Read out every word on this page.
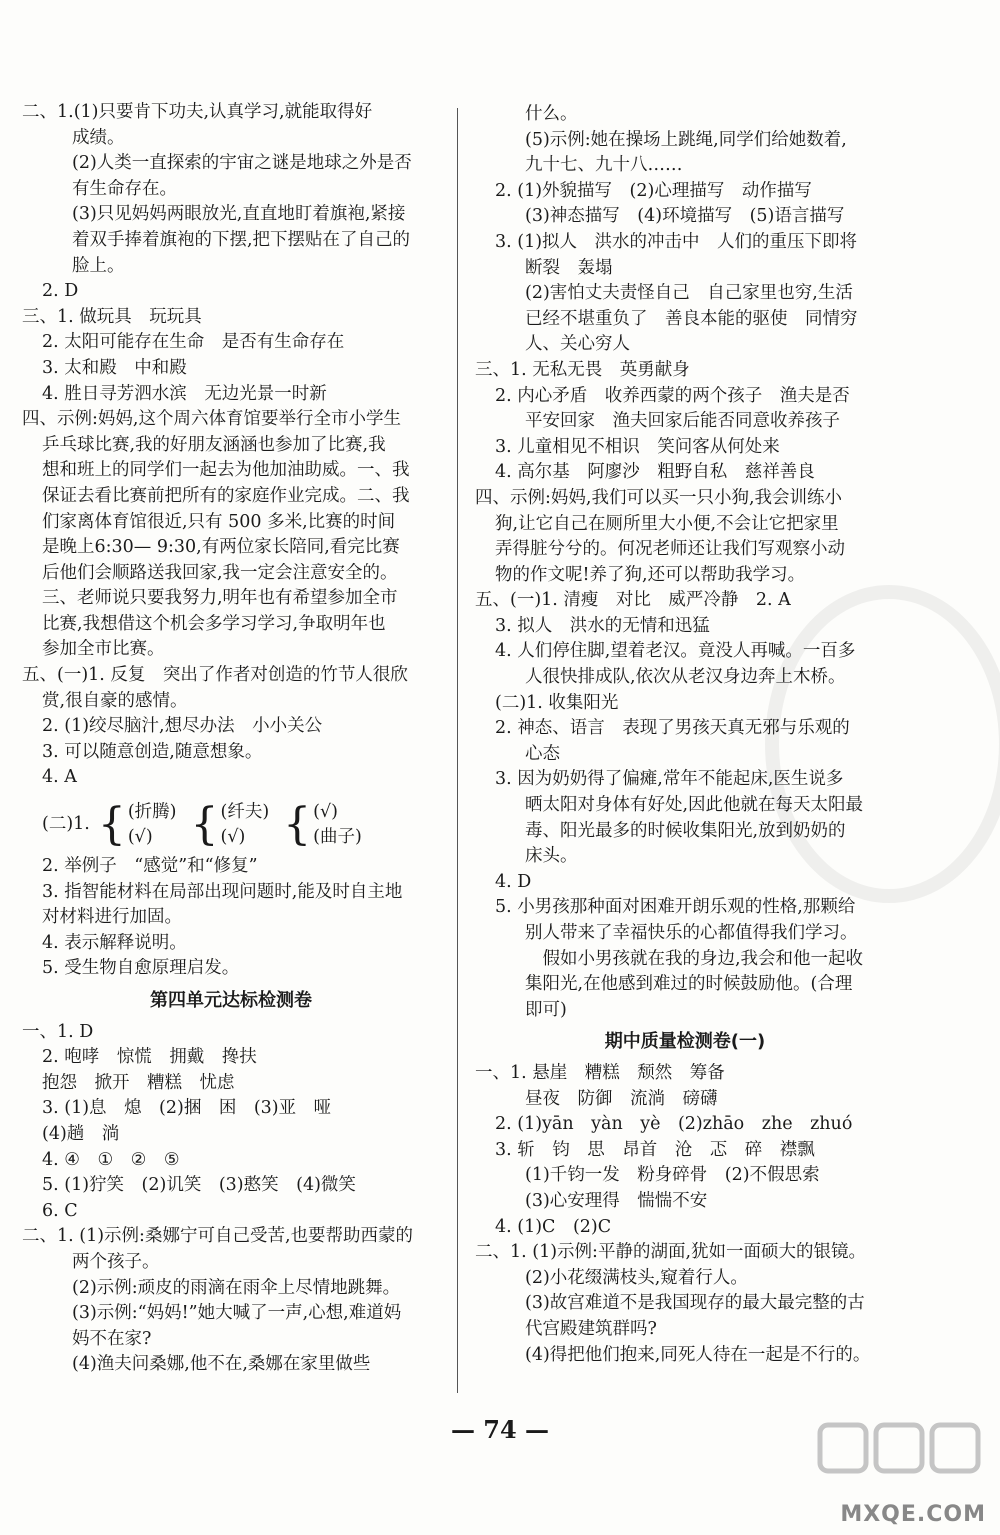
二、1.(1)只要肯下功夫,认真学习,就能取得好
成绩。
(2)人类一直探索的宇宙之谜是地球之外是否
有生命存在。
(3)只见妈妈两眼放光,直直地盯着旗袍,紧接
着双手捧着旗袍的下摆,把下摆贴在了自己的
脸上。
2. D
三、1. 做玩具　玩玩具
2. 太阳可能存在生命　是否有生命存在
3. 太和殿　中和殿
4. 胜日寻芳泗水滨　无边光景一时新
四、示例:妈妈,这个周六体育馆要举行全市小学生
乒乓球比赛,我的好朋友涵涵也参加了比赛,我
想和班上的同学们一起去为他加油助威。一、我
保证去看比赛前把所有的家庭作业完成。二、我
们家离体育馆很近,只有 500 多米,比赛的时间
是晚上6:30— 9:30,有两位家长陪同,看完比赛
后他们会顺路送我回家,我一定会注意安全的。
三、老师说只要我努力,明年也有希望参加全市
比赛,我想借这个机会多学习学习,争取明年也
参加全市比赛。
五、(一)1. 反复　突出了作者对创造的竹节人很欣
赏,很自豪的感情。
2. (1)绞尽脑汁,想尽办法　小小关公
3. 可以随意创造,随意想象。
4. A
(二)1. { (折腾)
(√) { (纤夫)
(√) { (√)
(曲子)
2. 举例子　“感觉”和“修复”
3. 指智能材料在局部出现问题时,能及时自主地
对材料进行加固。
4. 表示解释说明。
5. 受生物自愈原理启发。
第四单元达标检测卷
一、1. D
2. 咆哮　惊慌　拥戴　搀扶
抱怨　掀开　糟糕　忧虑
3. (1)息　熄　(2)捆　困　(3)亚　哑
(4)趟　淌
4. ④　①　②　⑤
5. (1)狞笑　(2)讥笑　(3)憨笑　(4)微笑
6. C
二、1. (1)示例:桑娜宁可自己受苦,也要帮助西蒙的
两个孩子。
(2)示例:顽皮的雨滴在雨伞上尽情地跳舞。
(3)示例:“妈妈!”她大喊了一声,心想,难道妈
妈不在家?
(4)渔夫问桑娜,他不在,桑娜在家里做些
什么。
(5)示例:她在操场上跳绳,同学们给她数着,
九十七、九十八……
2. (1)外貌描写　(2)心理描写　动作描写
(3)神态描写　(4)环境描写　(5)语言描写
3. (1)拟人　洪水的冲击中　人们的重压下即将
断裂　轰塌
(2)害怕丈夫责怪自己　自己家里也穷,生活
已经不堪重负了　善良本能的驱使　同情穷
人、关心穷人
三、1. 无私无畏　英勇献身
2. 内心矛盾　收养西蒙的两个孩子　渔夫是否
平安回家　渔夫回家后能否同意收养孩子
3. 儿童相见不相识　笑问客从何处来
4. 高尔基　阿廖沙　粗野自私　慈祥善良
四、示例:妈妈,我们可以买一只小狗,我会训练小
狗,让它自己在厕所里大小便,不会让它把家里
弄得脏兮兮的。何况老师还让我们写观察小动
物的作文呢!养了狗,还可以帮助我学习。
五、(一)1. 清瘦　对比　威严冷静　2. A
3. 拟人　洪水的无情和迅猛
4. 人们停住脚,望着老汉。竟没人再喊。一百多
人很快排成队,依次从老汉身边奔上木桥。
(二)1. 收集阳光
2. 神态、语言　表现了男孩天真无邪与乐观的
心态
3. 因为奶奶得了偏瘫,常年不能起床,医生说多
晒太阳对身体有好处,因此他就在每天太阳最
毒、阳光最多的时候收集阳光,放到奶奶的
床头。
4. D
5. 小男孩那种面对困难开朗乐观的性格,那颗给
别人带来了幸福快乐的心都值得我们学习。
　假如小男孩就在我的身边,我会和他一起收
集阳光,在他感到难过的时候鼓励他。(合理
即可)
期中质量检测卷(一)
一、1. 悬崖　糟糕　颓然　筹备
昼夜　防御　流淌　磅礴
2. (1)yān　yàn　yè　(2)zhāo　zhe　zhuó
3. 斩　钧　思　昂首　沧　忑　碎　襟飘
(1)千钧一发　粉身碎骨　(2)不假思索
(3)心安理得　惴惴不安
4. (1)C　(2)C
二、1. (1)示例:平静的湖面,犹如一面硕大的银镜。
(2)小花缀满枝头,窥着行人。
(3)故宫难道不是我国现存的最大最完整的古
代宫殿建筑群吗?
(4)得把他们抱来,同死人待在一起是不行的。
— 74 —
MXQE.COM
